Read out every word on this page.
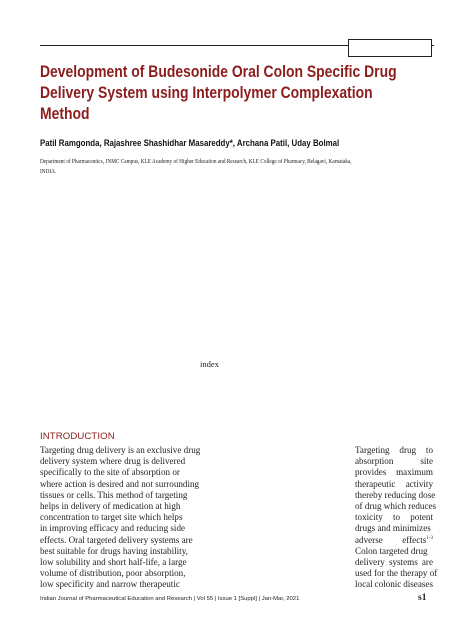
Development of Budesonide Oral Colon Specific Drug
Delivery System using Interpolymer Complexation
Method
Patil Ramgonda, Rajashree Shashidhar Masareddy*, Archana Patil, Uday Bolmal
Department of Pharmaceutics, JNMC Campus, KLE Academy of Higher Education and Research, KLE College of Pharmacy, Belagavi, Karnataka,
INDIA.
index
INTRODUCTION
Targeting drug delivery is an exclusive drug
delivery system where drug is delivered
specifically to the site of absorption or
where action is desired and not surrounding
tissues or cells. This method of targeting
helps in delivery of medication at high
concentration to target site which helps
in improving efficacy and reducing side
effects. Oral targeted delivery systems are
best suitable for drugs having instability,
low solubility and short half-life, a large
volume of distribution, poor absorption,
low specificity and narrow therapeutic
Targeting drug to
absorption	site
provides maximum
therapeutic activity
thereby reducing dose
of drug which reduces
toxicity to potent
drugs and minimizes
adverse effects$^{1-3}$
Colon targeted drug
delivery systems are
used for the therapy of
local colonic diseases
Indian Journal of Pharmaceutical Education and Research | Vol 55 | Issue 1 [Suppl] | Jan-Mar, 2021	s1
